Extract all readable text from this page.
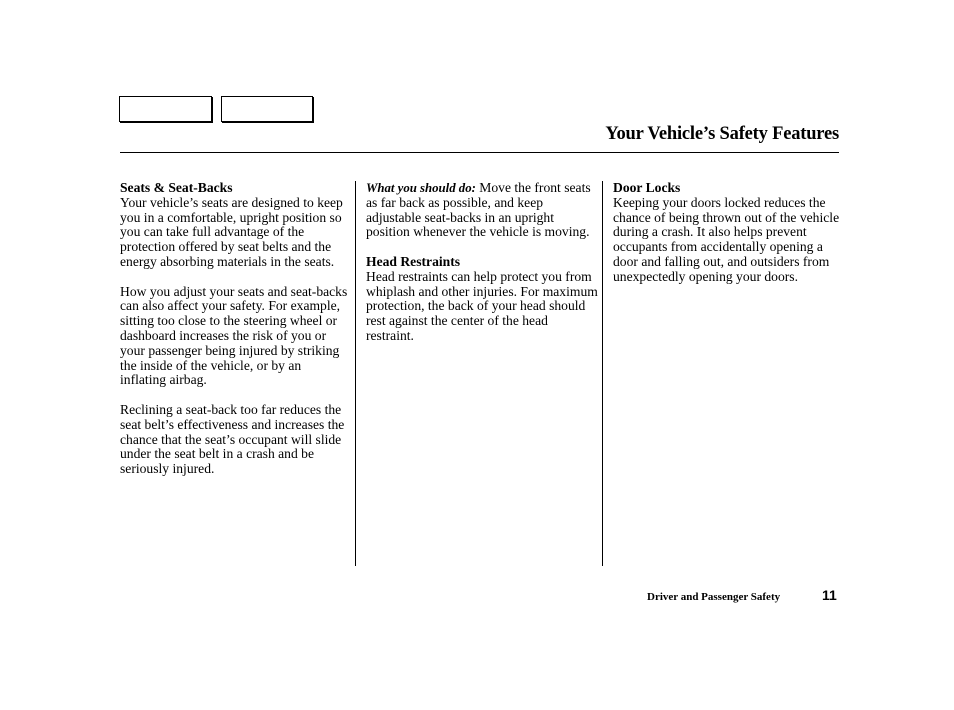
Your Vehicle’s Safety Features
Seats & Seat-Backs

Your vehicle’s seats are designed to keep you in a comfortable, upright position so you can take full advantage of the protection offered by seat belts and the energy absorbing materials in the seats.

How you adjust your seats and seat-backs can also affect your safety. For example, sitting too close to the steering wheel or dashboard increases the risk of you or your passenger being injured by striking the inside of the vehicle, or by an inflating airbag.

Reclining a seat-back too far reduces the seat belt’s effectiveness and increases the chance that the seat’s occupant will slide under the seat belt in a crash and be seriously injured.

What you should do: Move the front seats as far back as possible, and keep adjustable seat-backs in an upright position whenever the vehicle is moving.

Head Restraints

Head restraints can help protect you from whiplash and other injuries. For maximum protection, the back of your head should rest against the center of the head restraint.

Door Locks

Keeping your doors locked reduces the chance of being thrown out of the vehicle during a crash. It also helps prevent occupants from accidentally opening a door and falling out, and outsiders from unexpectedly opening your doors.

Driver and Passenger Safety	11
